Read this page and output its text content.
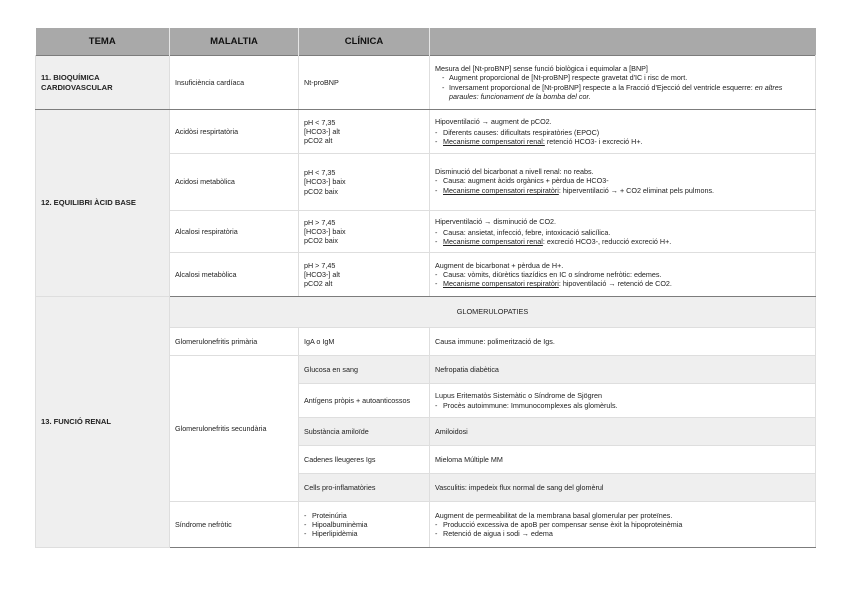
TEMA	MALALTIA	CLÍNICA	
11. BIOQUÍMICA CARDIOVASCULAR	Insuficiència cardíaca	Nt-proBNP	Mesura del [Nt-proBNP] sense funció biològica i equimolar a [BNP]
- Augment proporcional de [Nt-proBNP] respecte gravetat d'IC i risc de mort.
- Inversament proporcional de [Nt-proBNP] respecte a la Fracció d'Ejecció del ventricle esquerre: en altres paraules: funcionament de la bomba del cor.

12. EQUILIBRI ÀCID BASE	Acidòsi respirtatòria	pH < 7,35
[HCO3-] alt
pCO2 alt	Hipoventilació → augment de pCO2.
- Diferents causes: dificultats respiratòries (EPOC)
- Mecanisme compensatori renal: retenció HCO3- i excreció H+.

	Acidosi metabòlica	pH < 7,35
[HCO3-] baix
pCO2 baix	Disminució del bicarbonat a nivell renal: no reabs.
- Causa: augment àcids orgànics + pèrdua de HCO3-
- Mecanisme compensatori respiratòri: hiperventilació → + CO2 eliminat pels pulmons.

	Alcalosi respiratòria	pH > 7,45
[HCO3-] baix
pCO2 baix	Hiperventilació → disminució de CO2.
- Causa: ansietat, infecció, febre, intoxicació salicílica.
- Mecanisme compensatori renal: excreció HCO3-, reducció excreció H+.

	Alcalosi metabòlica	pH > 7,45
[HCO3-] alt
pCO2 alt	Augment de bicarbonat + pèrdua de H+.
- Causa: vòmits, diürètics tiazídics en IC o síndrome nefròtic: edemes.
- Mecanisme compensatori respiratòri: hipoventilació → retenció de CO2.

13. FUNCIÓ RENAL	GLOMERULOPATIES		
	Glomerulonefritis primària	IgA o IgM	Causa immune: polimerització de Igs.
	Glomerulonefritis secundària	Glucosa en sang	Nefropatia diabètica
		Antígens pròpis + autoanticossos	Lupus Eritematòs Sistemàtic o Síndrome de Sjögren
- Procès autoimmune: Immunocomplexes als glomèruls.

		Substància amiloïde	Amiloidosi
		Cadenes lleugeres Igs	Mieloma Múltiple MM
		Cells pro-inflamatòries	Vasculitis: impedeix flux normal de sang del glomèrul
	Síndrome nefròtic	- Proteinúria
- Hipoalbuminèmia
- Hiperlipidèmia	Augment de permeabilitat de la membrana basal glomerular per proteïnes.
- Producció excessiva de apoB per compensar sense èxit la hipoproteinèmia
- Retenció de aigua i sodi → edema
